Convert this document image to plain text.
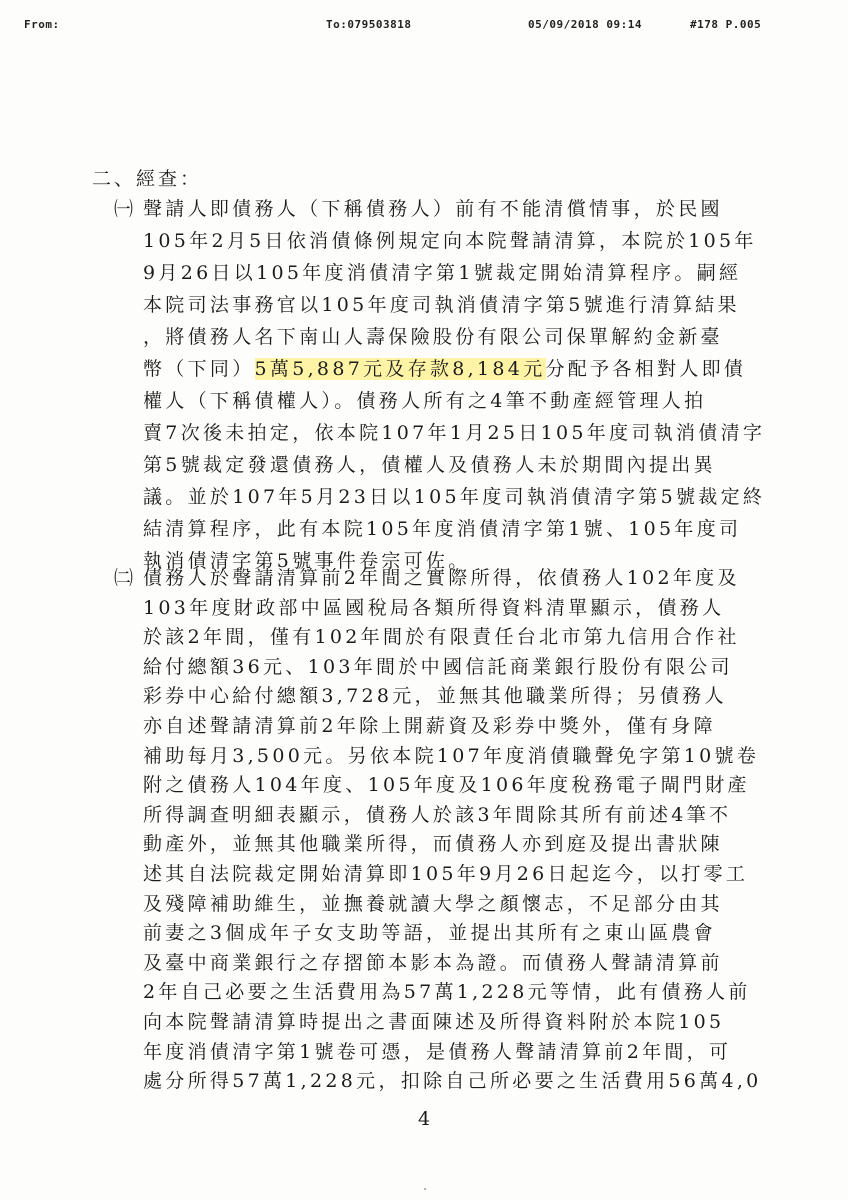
From:	To:079503818	05/09/2018 09:14	#178 P.005
二、經查：
㈠ 聲請人即債務人（下稱債務人）前有不能清償情事，於民國
105年2月5日依消債條例規定向本院聲請清算，本院於105年
9月26日以105年度消債清字第1號裁定開始清算程序。嗣經
本院司法事務官以105年度司執消債清字第5號進行清算結果
，將債務人名下南山人壽保險股份有限公司保單解約金新臺
幣（下同）5萬5,887元及存款8,184元分配予各相對人即債
權人（下稱債權人）。債務人所有之4筆不動產經管理人拍
賣7次後未拍定，依本院107年1月25日105年度司執消債清字
第5號裁定發還債務人，債權人及債務人未於期間內提出異
議。並於107年5月23日以105年度司執消債清字第5號裁定終
結清算程序，此有本院105年度消債清字第1號、105年度司
執消債清字第5號事件卷宗可佐。
㈡ 債務人於聲請清算前2年間之實際所得，依債務人102年度及
103年度財政部中區國稅局各類所得資料清單顯示，債務人
於該2年間，僅有102年間於有限責任台北市第九信用合作社
給付總額36元、103年間於中國信託商業銀行股份有限公司
彩券中心給付總額3,728元，並無其他職業所得；另債務人
亦自述聲請清算前2年除上開薪資及彩券中獎外，僅有身障
補助每月3,500元。另依本院107年度消債職聲免字第10號卷
附之債務人104年度、105年度及106年度稅務電子閘門財產
所得調查明細表顯示，債務人於該3年間除其所有前述4筆不
動產外，並無其他職業所得，而債務人亦到庭及提出書狀陳
述其自法院裁定開始清算即105年9月26日起迄今，以打零工
及殘障補助維生，並撫養就讀大學之顏懷志，不足部分由其
前妻之3個成年子女支助等語，並提出其所有之東山區農會
及臺中商業銀行之存摺節本影本為證。而債務人聲請清算前
2年自己必要之生活費用為57萬1,228元等情，此有債務人前
向本院聲請清算時提出之書面陳述及所得資料附於本院105
年度消債清字第1號卷可憑，是債務人聲請清算前2年間，可
處分所得57萬1,228元，扣除自己所必要之生活費用56萬4,0
4
